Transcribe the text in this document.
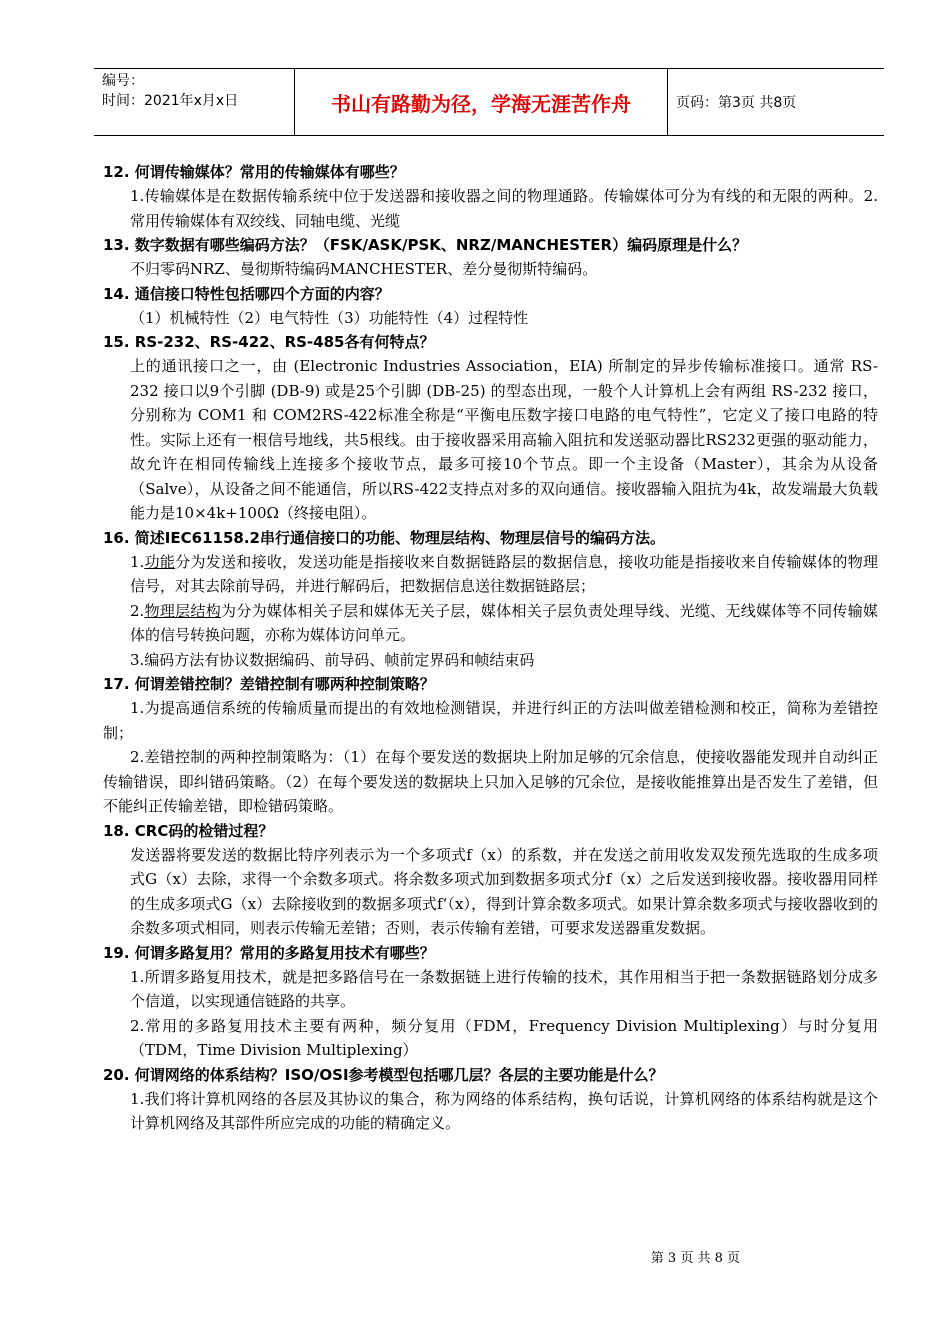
编号：
时间：2021年x月x日	书山有路勤为径，学海无涯苦作舟	页码：第3页 共8页

12. 何谓传输媒体？常用的传输媒体有哪些？

1.传输媒体是在数据传输系统中位于发送器和接收器之间的物理通路。传输媒体可分为有线的和无限的两种。2.常用传输媒体有双绞线、同轴电缆、光缆

13. 数字数据有哪些编码方法？（FSK/ASK/PSK、NRZ/MANCHESTER）编码原理是什么？

不归零码NRZ、曼彻斯特编码MANCHESTER、差分曼彻斯特编码。

14. 通信接口特性包括哪四个方面的内容？

（1）机械特性（2）电气特性（3）功能特性（4）过程特性

15. RS-232、RS-422、RS-485各有何特点？

上的通讯接口之一，由 (Electronic Industries Association，EIA) 所制定的异步传输标准接口。通常 RS-232 接口以9个引脚 (DB-9) 或是25个引脚 (DB-25) 的型态出现，一般个人计算机上会有两组 RS-232 接口，分别称为 COM1 和 COM2RS-422标准全称是“平衡电压数字接口电路的电气特性”，它定义了接口电路的特性。实际上还有一根信号地线，共5根线。由于接收器采用高输入阻抗和发送驱动器比RS232更强的驱动能力，故允许在相同传输线上连接多个接收节点，最多可接10个节点。即一个主设备（Master），其余为从设备（Salve），从设备之间不能通信，所以RS-422支持点对多的双向通信。接收器输入阻抗为4k，故发端最大负载能力是10×4k+100Ω（终接电阻）。

16. 简述IEC61158.2串行通信接口的功能、物理层结构、物理层信号的编码方法。

1.功能分为发送和接收，发送功能是指接收来自数据链路层的数据信息，接收功能是指接收来自传输媒体的物理信号，对其去除前导码，并进行解码后，把数据信息送往数据链路层；

2.物理层结构为分为媒体相关子层和媒体无关子层，媒体相关子层负责处理导线、光缆、无线媒体等不同传输媒体的信号转换问题，亦称为媒体访问单元。

3.编码方法有协议数据编码、前导码、帧前定界码和帧结束码

17. 何谓差错控制？差错控制有哪两种控制策略？

1.为提高通信系统的传输质量而提出的有效地检测错误，并进行纠正的方法叫做差错检测和校正，简称为差错控制；

2.差错控制的两种控制策略为：（1）在每个要发送的数据块上附加足够的冗余信息，使接收器能发现并自动纠正传输错误，即纠错码策略。（2）在每个要发送的数据块上只加入足够的冗余位，是接收能推算出是否发生了差错，但不能纠正传输差错，即检错码策略。

18. CRC码的检错过程？

发送器将要发送的数据比特序列表示为一个多项式f（x）的系数，并在发送之前用收发双发预先选取的生成多项式G（x）去除，求得一个余数多项式。将余数多项式加到数据多项式分f（x）之后发送到接收器。接收器用同样的生成多项式G（x）去除接收到的数据多项式f‘（x），得到计算余数多项式。如果计算余数多项式与接收器收到的余数多项式相同，则表示传输无差错；否则，表示传输有差错，可要求发送器重发数据。

19. 何谓多路复用？常用的多路复用技术有哪些？

1.所谓多路复用技术，就是把多路信号在一条数据链上进行传输的技术，其作用相当于把一条数据链路划分成多个信道，以实现通信链路的共享。

2.常用的多路复用技术主要有两种，频分复用（FDM，Frequency Division Multiplexing）与时分复用（TDM，Time Division Multiplexing）

20. 何谓网络的体系结构？ISO/OSI参考模型包括哪几层？各层的主要功能是什么？

1.我们将计算机网络的各层及其协议的集合，称为网络的体系结构，换句话说，计算机网络的体系结构就是这个计算机网络及其部件所应完成的功能的精确定义。

第 3 页 共 8 页
